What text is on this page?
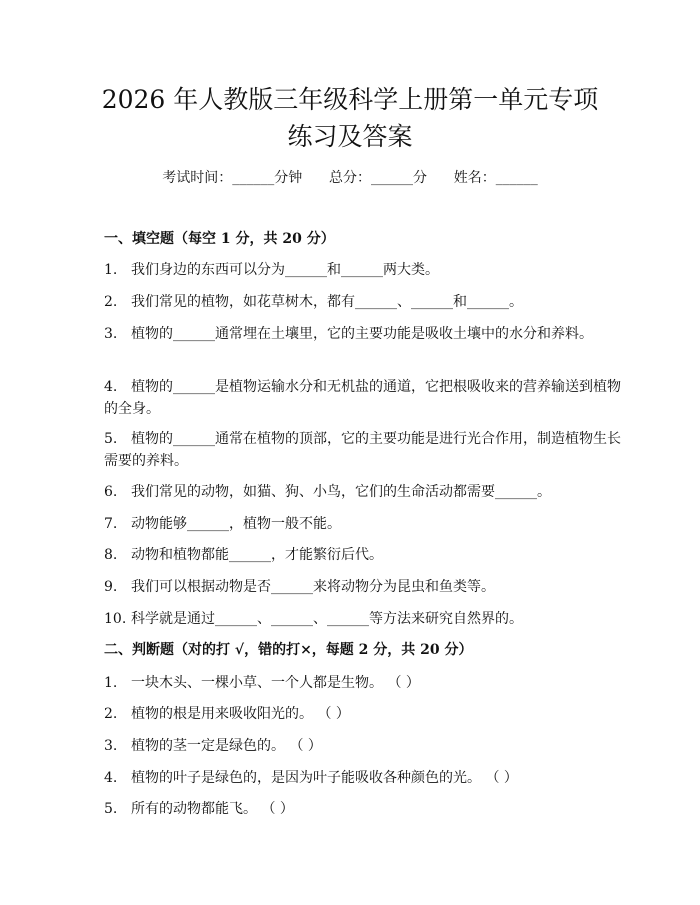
2026 年人教版三年级科学上册第一单元专项
练习及答案
考试时间：______分钟      总分：______分      姓名：______
一、填空题（每空 1 分，共 20 分）
1. 我们身边的东西可以分为______和______两大类。
2. 我们常见的植物，如花草树木，都有______、______和______。
3. 植物的______通常埋在土壤里，它的主要功能是吸收土壤中的水分和养料。
4. 植物的______是植物运输水分和无机盐的通道，它把根吸收来的营养输送到植物的全身。
5. 植物的______通常在植物的顶部，它的主要功能是进行光合作用，制造植物生长需要的养料。
6. 我们常见的动物，如猫、狗、小鸟，它们的生命活动都需要______。
7. 动物能够______，植物一般不能。
8. 动物和植物都能______，才能繁衍后代。
9. 我们可以根据动物是否______来将动物分为昆虫和鱼类等。
10. 科学就是通过______、______、______等方法来研究自然界的。
二、判断题（对的打 √，错的打×，每题 2 分，共 20 分）
1. 一块木头、一棵小草、一个人都是生物。 （ ）
2. 植物的根是用来吸收阳光的。 （ ）
3. 植物的茎一定是绿色的。 （ ）
4. 植物的叶子是绿色的，是因为叶子能吸收各种颜色的光。 （ ）
5. 所有的动物都能飞。 （ ）
